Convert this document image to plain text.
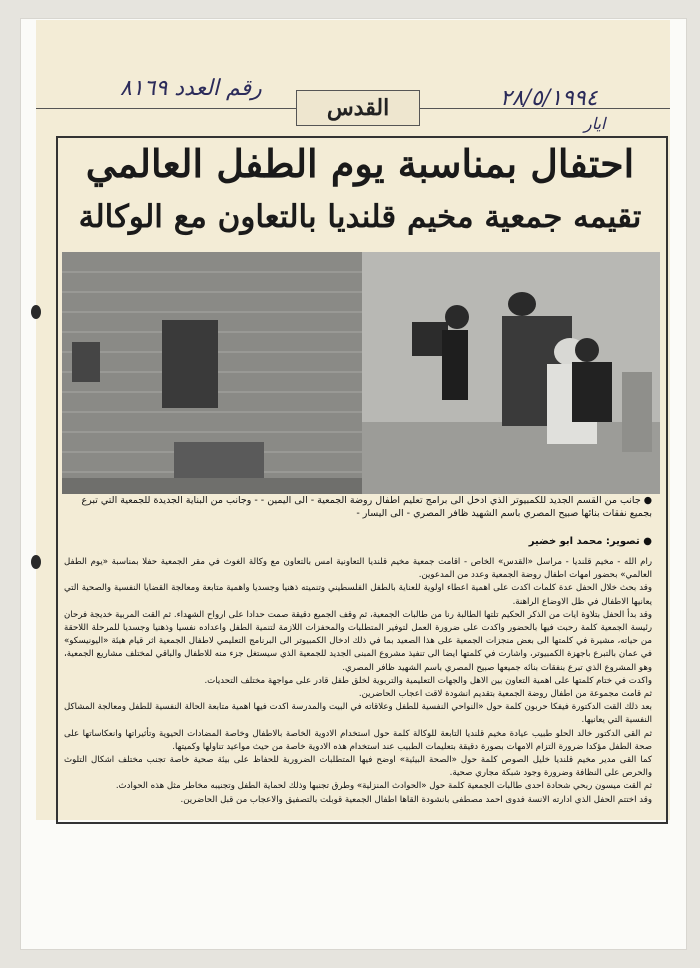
رقم العدد ٨١٦٩	٢٨/٥/١٩٩٤
ايار
القدس
احتفال بمناسبة يوم الطفل العالمي
تقيمه جمعية مخيم قلنديا بالتعاون مع الوكالة
● جانب من القسم الجديد للكمبيوتر الذي ادخل الى برامج تعليم اطفال روضة الجمعية - الى اليمين - - وجانب من البناية الجديدة للجمعية التي تبرع بجميع نفقات بنائها صبيح المصري باسم الشهيد ظافر المصري - الى اليسار -
● تصوير: محمد ابو خضير

رام الله - مخيم قلنديا - مراسل «القدس» الخاص - اقامت جمعية مخيم قلنديا التعاونية امس بالتعاون مع وكالة الغوث في مقر الجمعية حفلا بمناسبة «يوم الطفل العالمي» بحضور امهات اطفال روضة الجمعية وعدد من المدعوين.

وقد بحث خلال الحفل عدة كلمات اكدت على اهمية اعطاء اولوية للعناية بالطفل الفلسطيني وتنميته ذهنيا وجسديا واهمية متابعة ومعالجة القضايا النفسية والصحية التي يعانيها الاطفال في ظل الاوضاع الراهنة.

وقد بدأ الحفل بتلاوة ايات من الذكر الحكيم تلتها الطالبة رنا من طالبات الجمعية، ثم وقف الجميع دقيقة صمت حدادا على ارواح الشهداء. ثم القت المربية خديجة فرحان رئيسة الجمعية كلمة رحبت فيها بالحضور واكدت على ضرورة العمل لتوفير المتطلبات والمحفزات اللازمة لتنمية الطفل واعداده نفسيا وذهنيا وجسديا للمرحلة اللاحقة من حياته، مشيرة في كلمتها الى بعض منجزات الجمعية على هذا الصعيد بما في ذلك ادخال الكمبيوتر الى البرنامج التعليمي لاطفال الجمعية اثر قيام هيئة «اليونيسكو» في عمان بالتبرع باجهزة الكمبيوتر، واشارت في كلمتها ايضا الى تنفيذ مشروع المبنى الجديد للجمعية الذي سيستغل جزء منه للاطفال والباقي لمختلف مشاريع الجمعية، وهو المشروع الذي تبرع بنفقات بنائه جميعها صبيح المصري باسم الشهيد ظافر المصري.

واكدت في ختام كلمتها على اهمية التعاون بين الاهل والجهات التعليمية والتربوية لخلق طفل قادر على مواجهة مختلف التحديات.

ثم قامت مجموعة من اطفال روضة الجمعية بتقديم انشودة لاقت اعجاب الحاضرين.

بعد ذلك القت الدكتورة فيفكا حربون كلمة حول «النواحي النفسية للطفل وعلاقاته في البيت والمدرسة اكدت فيها اهمية متابعة الحالة النفسية للطفل ومعالجة المشاكل النفسية التي يعانيها.

ثم القى الدكتور خالد الحلو طبيب عيادة مخيم قلنديا التابعة للوكالة كلمة حول استخدام الادوية الخاصة بالاطفال وخاصة المضادات الحيوية وتأثيراتها وانعكاساتها على صحة الطفل مؤكدا ضرورة التزام الامهات بصورة دقيقة بتعليمات الطبيب عند استخدام هذه الادوية خاصة من حيث مواعيد تناولها وكميتها.

كما القى مدير مخيم قلنديا خليل الصوص كلمة حول «الصحة البيئية» اوضح فيها المتطلبات الضرورية للحفاظ على بيئة صحية خاصة تجنب مختلف اشكال التلوث والحرص على النظافة وضرورة وجود شبكة مجاري صحية.

ثم القت ميسون ربحي شحادة احدى طالبات الجمعية كلمة حول «الحوادث المنزلية» وطرق تجنبها وذلك لحماية الطفل وتجنيبه مخاطر مثل هذه الحوادث.

وقد اختتم الحفل الذي ادارته الانسة فدوى احمد مصطفى بانشودة القاها اطفال الجمعية قوبلت بالتصفيق والاعجاب من قبل الحاضرين.
